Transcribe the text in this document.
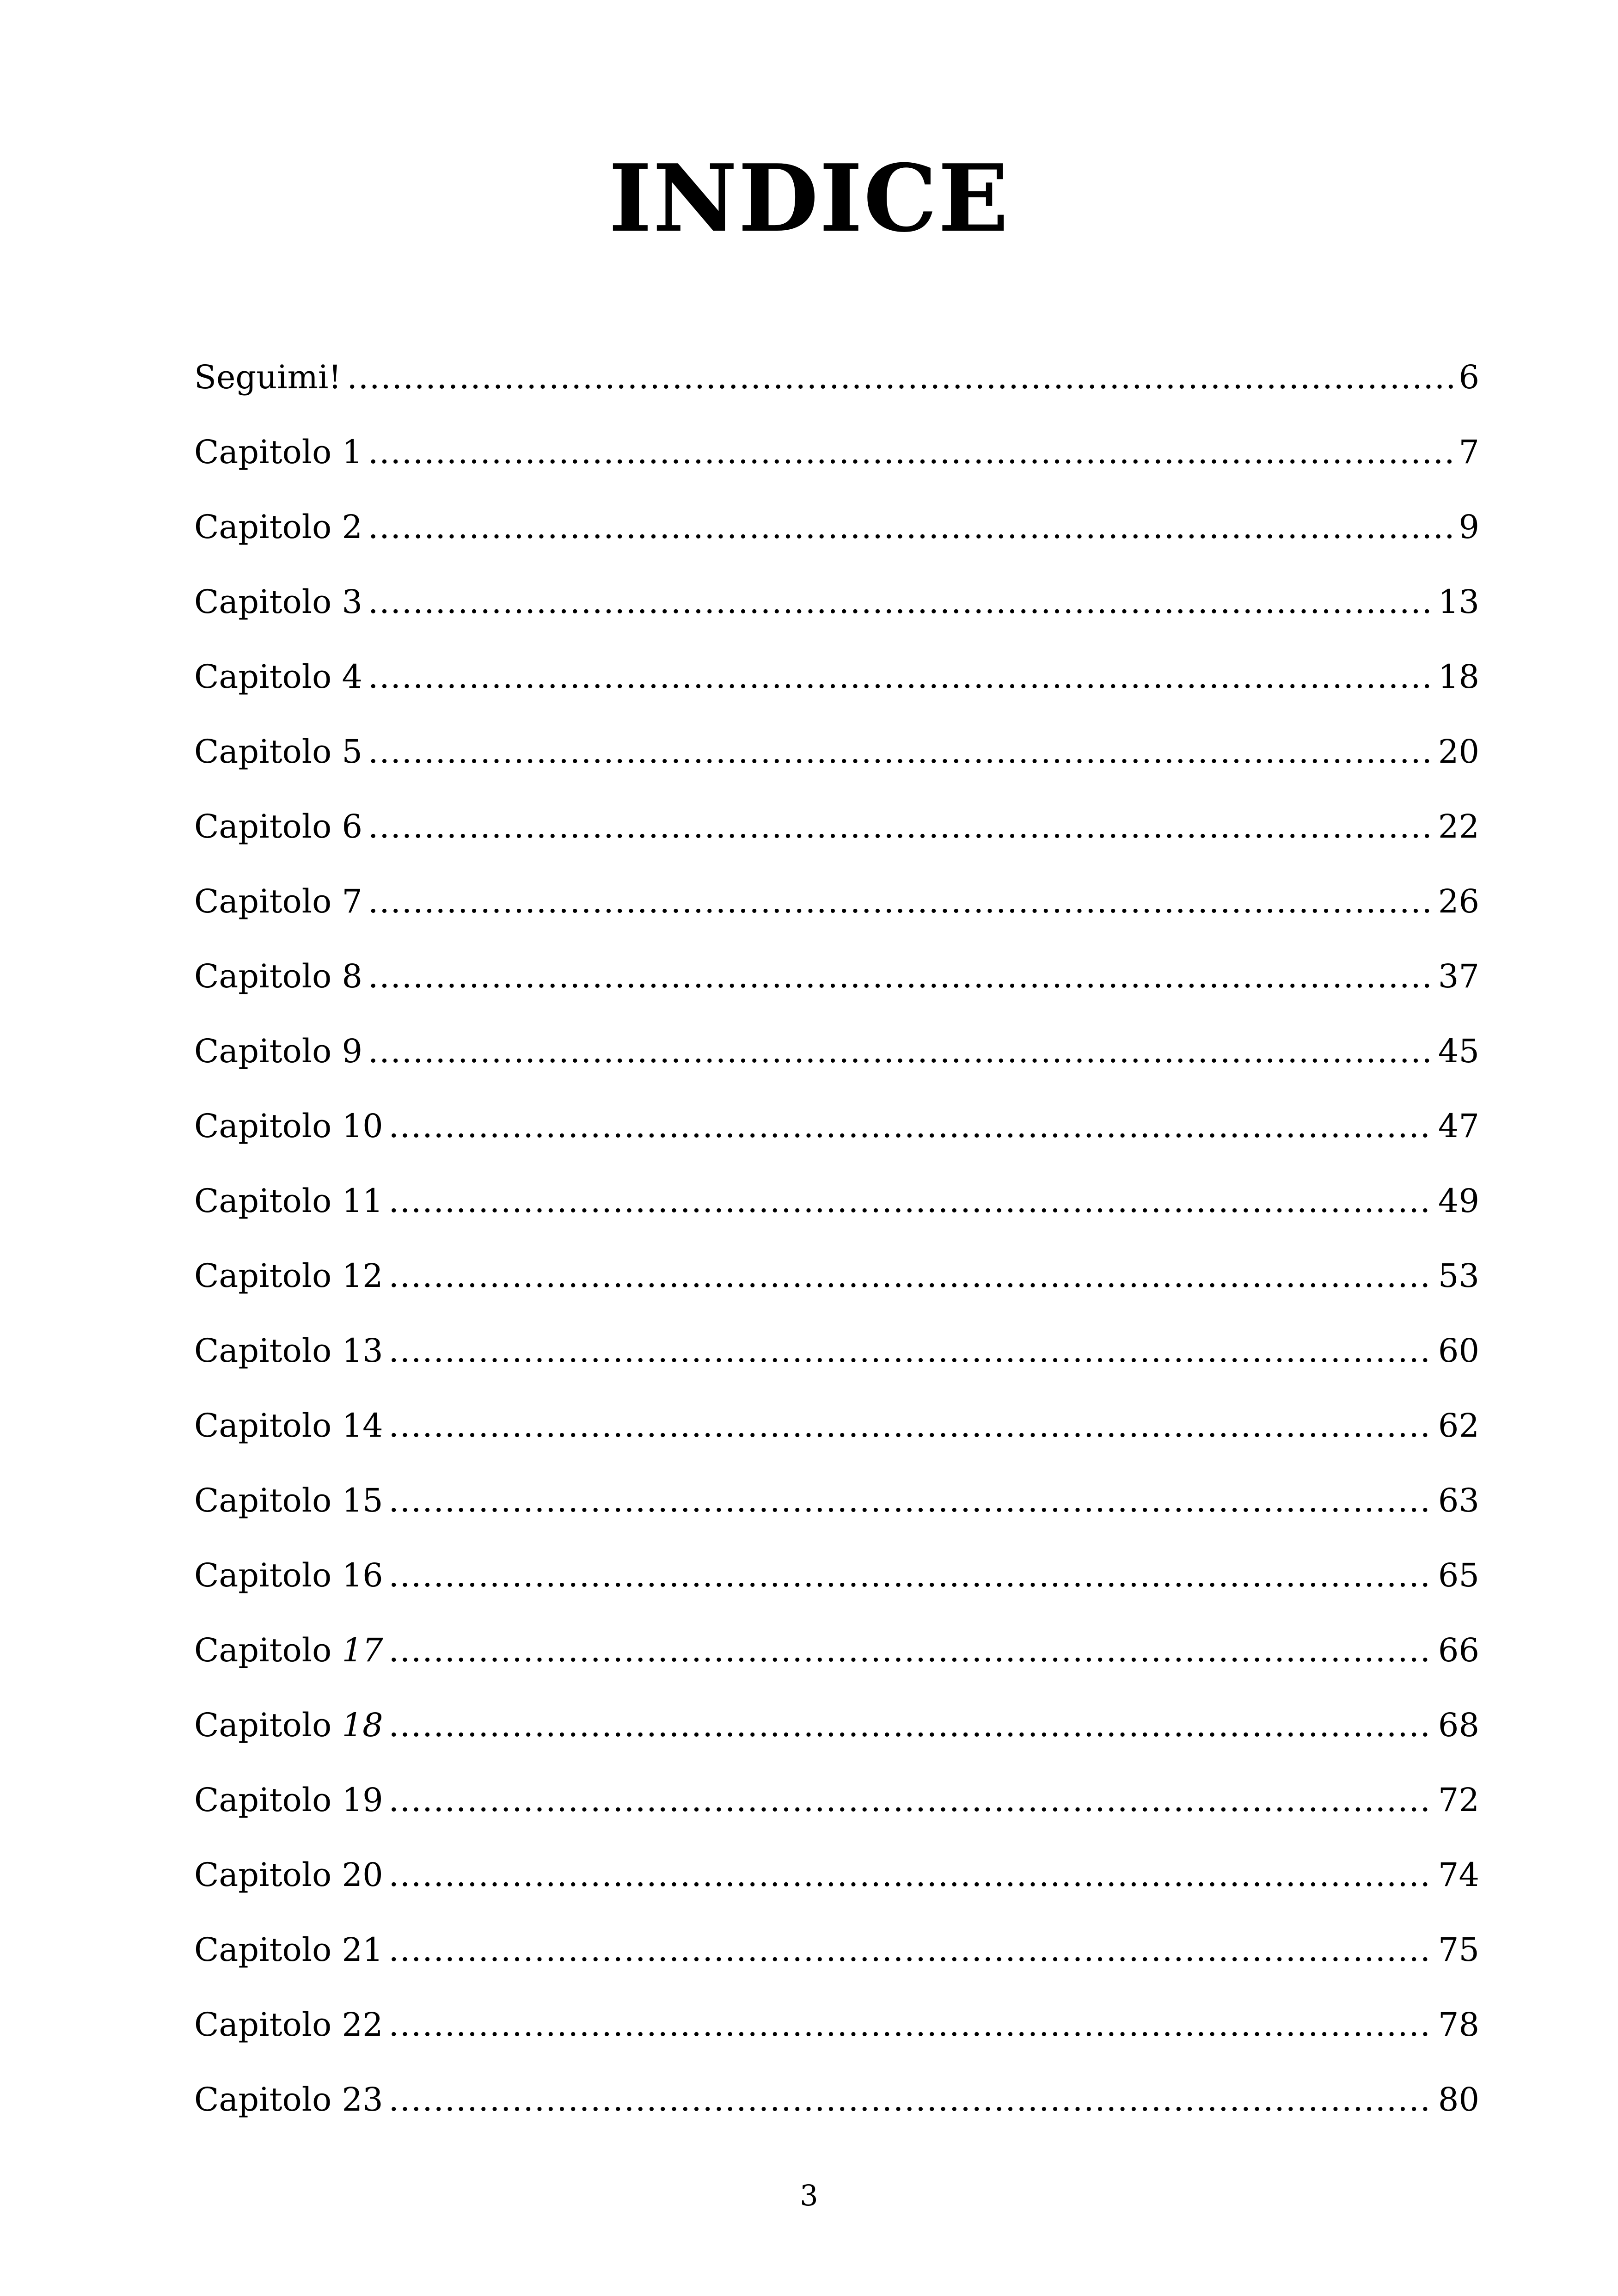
INDICE
Seguimi! .....	6
Capitolo 1 .....	7
Capitolo 2 .....	9
Capitolo 3 .....	13
Capitolo 4 .....	18
Capitolo 5 .....	20
Capitolo 6 .....	22
Capitolo 7 .....	26
Capitolo 8 .....	37
Capitolo 9 .....	45
Capitolo 10 .....	47
Capitolo 11 .....	49
Capitolo 12 .....	53
Capitolo 13 .....	60
Capitolo 14 .....	62
Capitolo 15 .....	63
Capitolo 16 .....	65
Capitolo 17 .....	66
Capitolo 18 .....	68
Capitolo 19 .....	72
Capitolo 20 .....	74
Capitolo 21 .....	75
Capitolo 22 .....	78
Capitolo 23 .....	80
3
